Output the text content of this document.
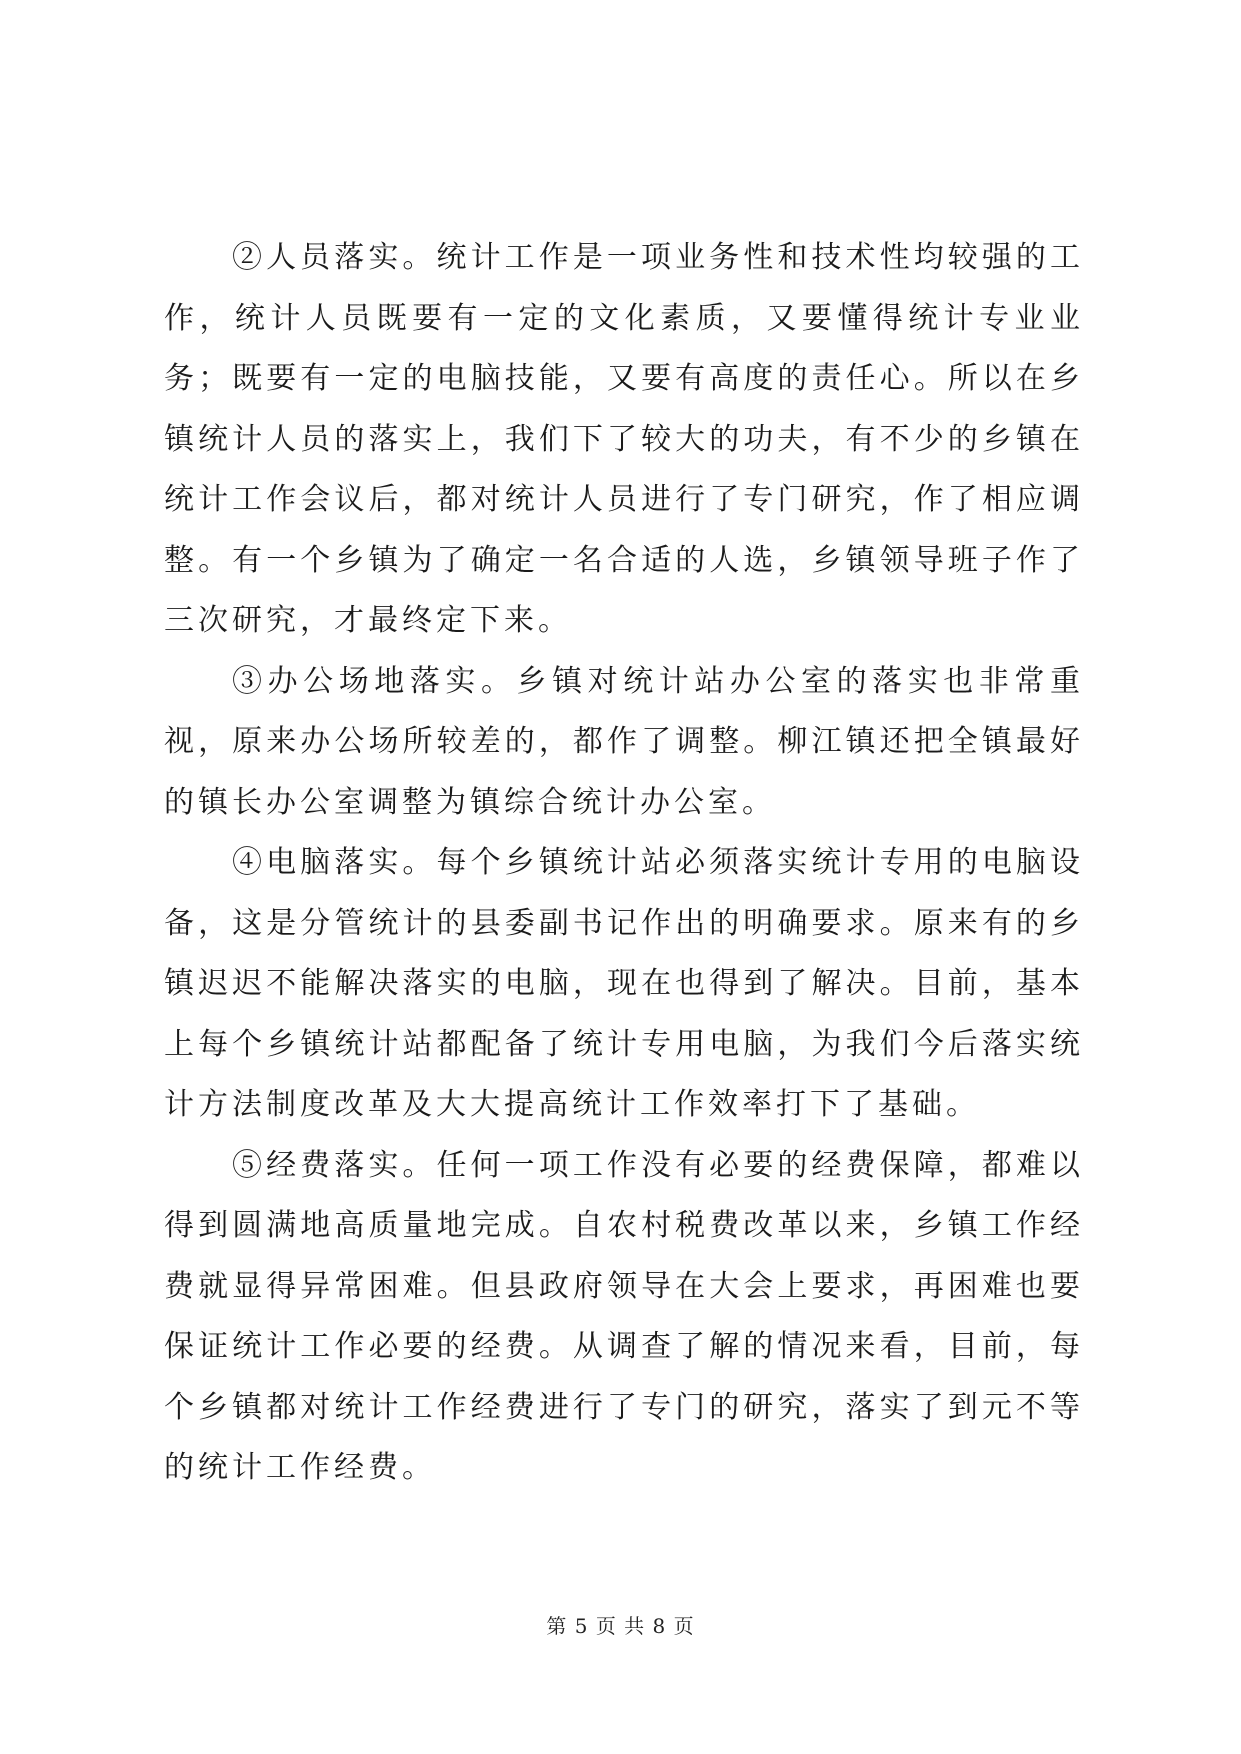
②人员落实。统计工作是一项业务性和技术性均较强的工作，统计人员既要有一定的文化素质，又要懂得统计专业业务；既要有一定的电脑技能，又要有高度的责任心。所以在乡镇统计人员的落实上，我们下了较大的功夫，有不少的乡镇在统计工作会议后，都对统计人员进行了专门研究，作了相应调整。有一个乡镇为了确定一名合适的人选，乡镇领导班子作了三次研究，才最终定下来。

③办公场地落实。乡镇对统计站办公室的落实也非常重视，原来办公场所较差的，都作了调整。柳江镇还把全镇最好的镇长办公室调整为镇综合统计办公室。

④电脑落实。每个乡镇统计站必须落实统计专用的电脑设备，这是分管统计的县委副书记作出的明确要求。原来有的乡镇迟迟不能解决落实的电脑，现在也得到了解决。目前，基本上每个乡镇统计站都配备了统计专用电脑，为我们今后落实统计方法制度改革及大大提高统计工作效率打下了基础。

⑤经费落实。任何一项工作没有必要的经费保障，都难以得到圆满地高质量地完成。自农村税费改革以来，乡镇工作经费就显得异常困难。但县政府领导在大会上要求，再困难也要保证统计工作必要的经费。从调查了解的情况来看，目前，每个乡镇都对统计工作经费进行了专门的研究，落实了到元不等的统计工作经费。

第 5 页 共 8 页
